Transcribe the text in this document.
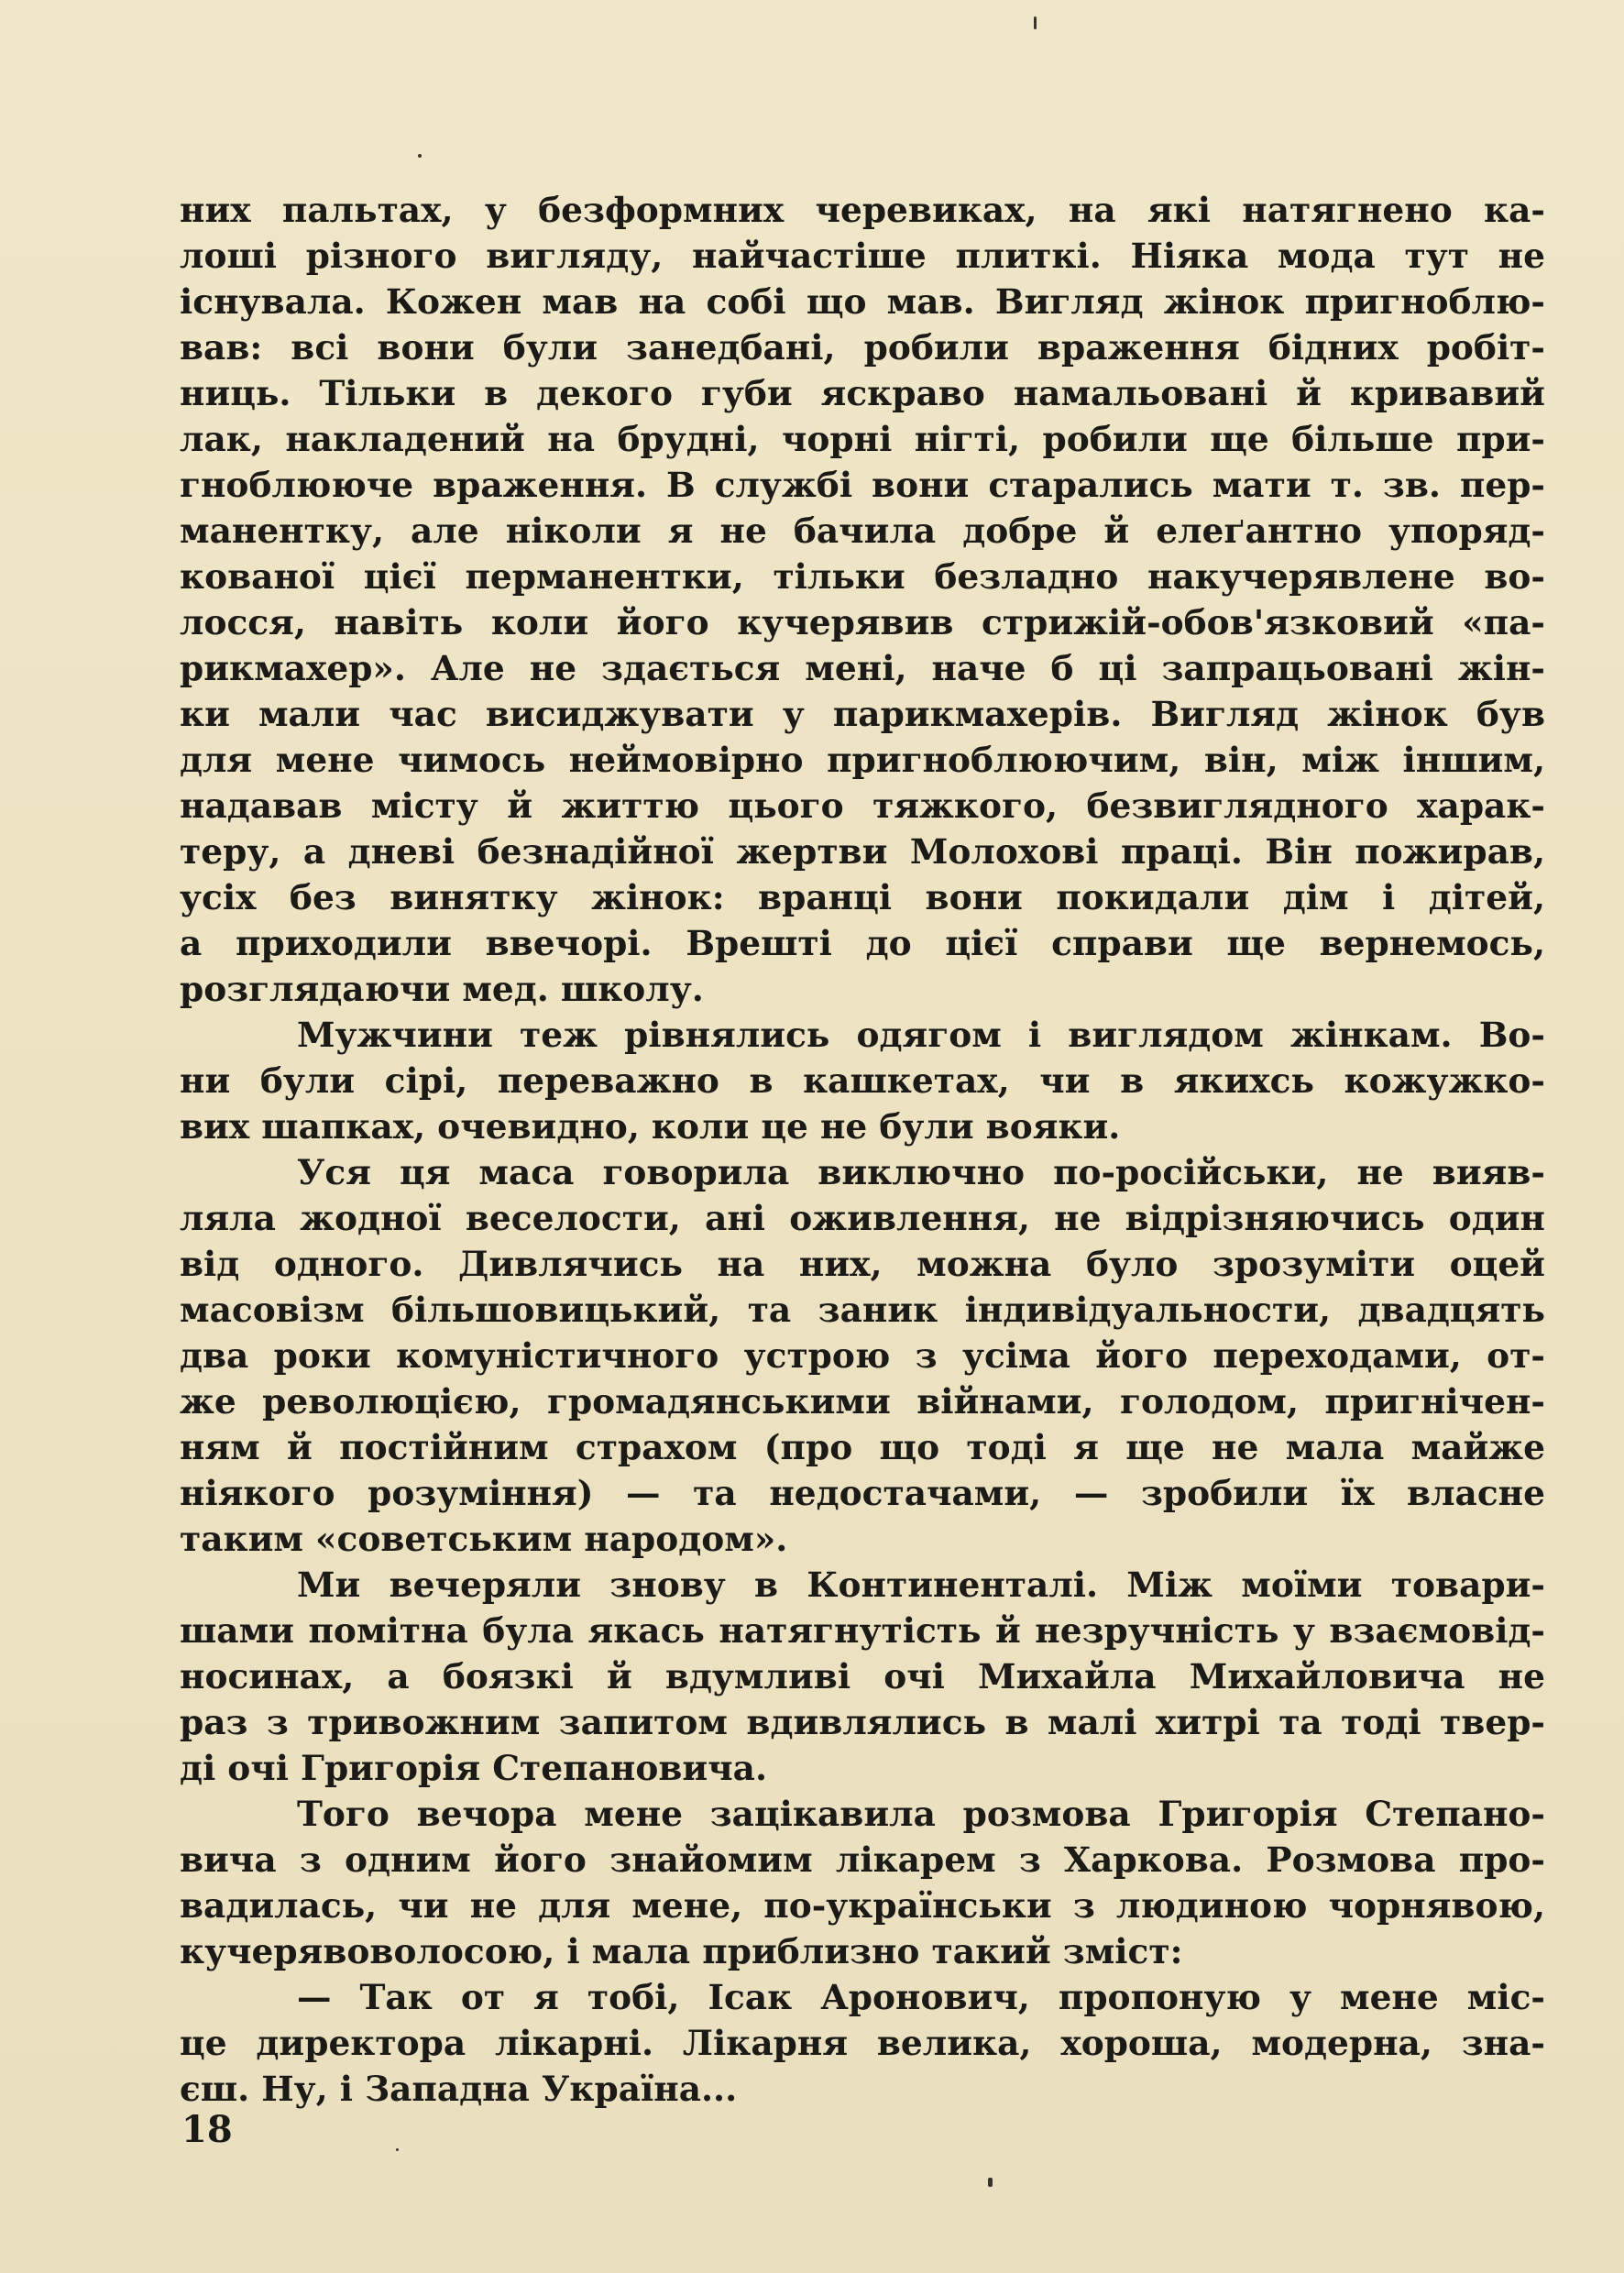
них пальтах, у безформних черевиках, на які натягнено ка-
лоші різного вигляду, найчастіше плиткі. Ніяка мода тут не
існувала. Кожен мав на собі що мав. Вигляд жінок пригноблю-
вав: всі вони були занедбані, робили враження бідних робіт-
ниць. Тільки в декого губи яскраво намальовані й кривавий
лак, накладений на брудні, чорні нігті, робили ще більше при-
гноблююче враження. В службі вони старались мати т. зв. пер-
манентку, але ніколи я не бачила добре й елеґантно упоряд-
кованої цієї перманентки, тільки безладно накучерявлене во-
лосся, навіть коли його кучерявив стрижій-обов'язковий «па-
рикмахер». Але не здається мені, наче б ці запрацьовані жін-
ки мали час висиджувати у парикмахерів. Вигляд жінок був
для мене чимось неймовірно пригноблюючим, він, між іншим,
надавав місту й життю цього тяжкого, безвиглядного харак-
теру, а дневі безнадійної жертви Молохові праці. Він пожирав,
усіх без винятку жінок: вранці вони покидали дім і дітей,
а приходили ввечорі. Врешті до цієї справи ще вернемось,
розглядаючи мед. школу.
Мужчини теж рівнялись одягом і виглядом жінкам. Во-
ни були сірі, переважно в кашкетах, чи в якихсь кожужко-
вих шапках, очевидно, коли це не були вояки.
Уся ця маса говорила виключно по-російськи, не вияв-
ляла жодної веселости, ані оживлення, не відрізняючись один
від одного. Дивлячись на них, можна було зрозуміти оцей
масовізм більшовицький, та заник індивідуальности, двадцять
два роки комуністичного устрою з усіма його переходами, от-
же революцією, громадянськими війнами, голодом, пригнічен-
ням й постійним страхом (про що тоді я ще не мала майже
ніякого розуміння) — та недостачами, — зробили їх власне
таким «советським народом».
Ми вечеряли знову в Континенталі. Між моїми товари-
шами помітна була якась натягнутість й незручність у взаємовід-
носинах, а боязкі й вдумливі очі Михайла Михайловича не
раз з тривожним запитом вдивлялись в малі хитрі та тоді твер-
ді очі Григорія Степановича.
Того вечора мене зацікавила розмова Григорія Степано-
вича з одним його знайомим лікарем з Харкова. Розмова про-
вадилась, чи не для мене, по-українськи з людиною чорнявою,
кучерявоволосою, і мала приблизно такий зміст:
— Так от я тобі, Ісак Аронович, пропоную у мене міс-
це директора лікарні. Лікарня велика, хороша, модерна, зна-
єш. Ну, і Западна Україна...
18
